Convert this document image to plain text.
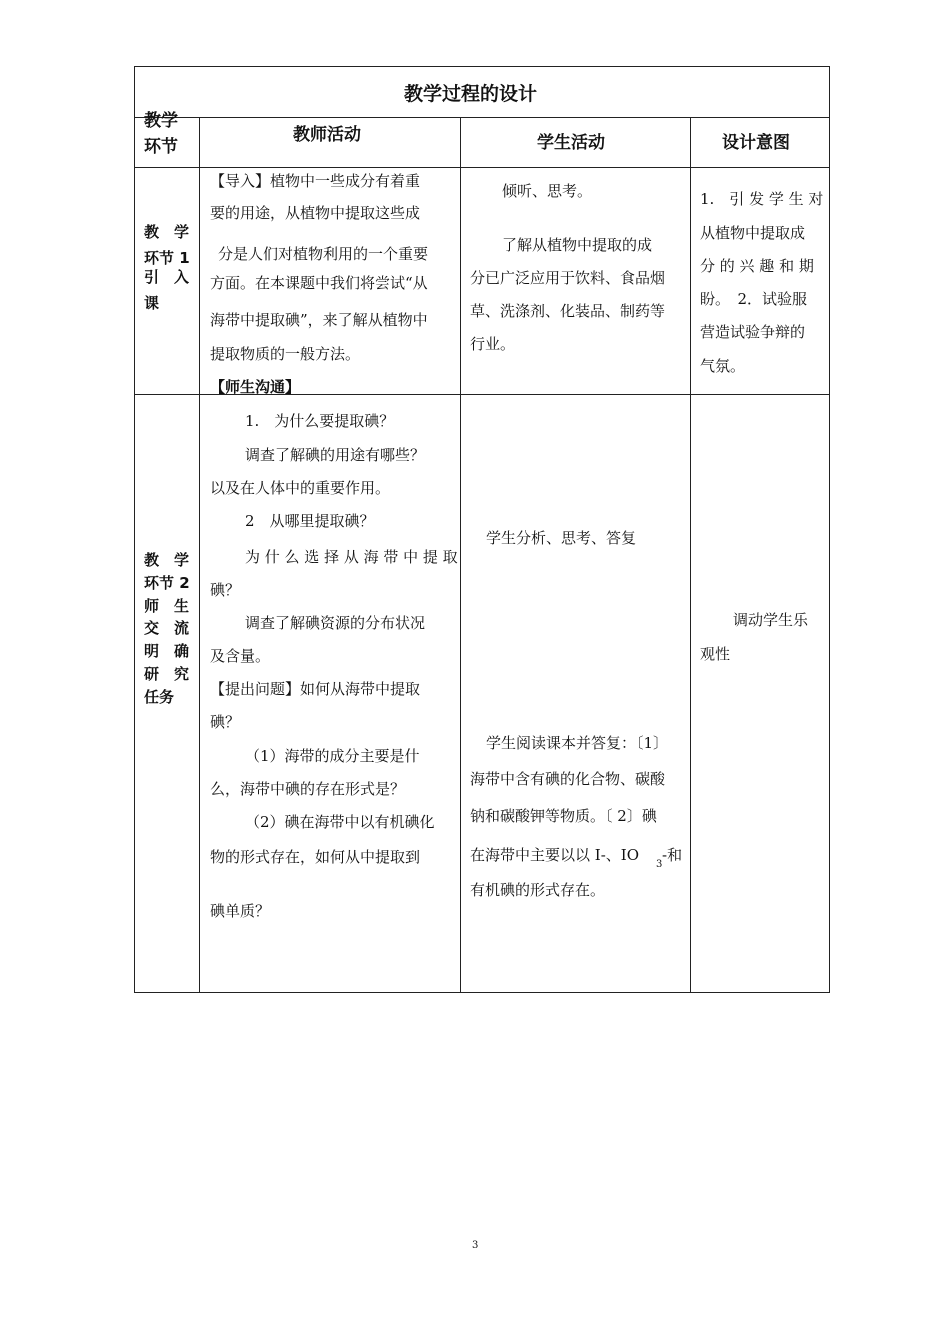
教学过程的设计
教学
环节
教师活动	学生活动	设计意图
教　学
环节 1
引　入
课
【导入】植物中一些成分有着重
要的用途，从植物中提取这些成
分是人们对植物利用的一个重要
方面。在本课题中我们将尝试“从
海带中提取碘”，来了解从植物中
提取物质的一般方法。
【师生沟通】
倾听、思考。
了解从植物中提取的成
分已广泛应用于饮料、食品烟
草、洗涤剂、化装品、制药等
行业。
1.　引 发 学 生 对
从植物中提取成
分 的 兴 趣 和 期
盼。　2．试验服
营造试验争辩的
气氛。
教　学
环节 2
师　生
交　流
明　确
研　究
任务
1.　为什么要提取碘？
调查了解碘的用途有哪些？
以及在人体中的重要作用。
2　从哪里提取碘？
为 什 么 选 择 从 海 带 中 提 取
碘？
调查了解碘资源的分布状况
及含量。
【提出问题】如何从海带中提取
碘？
（1）海带的成分主要是什
么，海带中碘的存在形式是？
（2）碘在海带中以有机碘化
物的形式存在，如何从中提取到
碘单质？
学生分析、思考、答复
学生阅读课本并答复：〔1〕
海带中含有碘的化合物、碳酸
钠和碳酸钾等物质。〔 2〕碘
在海带中主要以以 I-、IO
3
-和
有机碘的形式存在。
调动学生乐
观性
3
